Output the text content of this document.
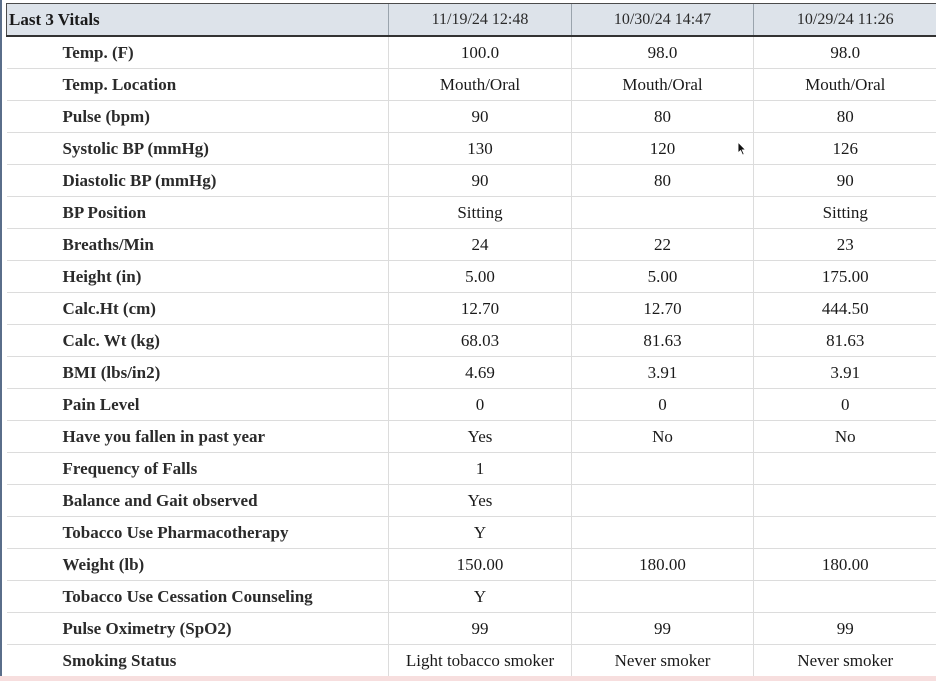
Last 3 Vitals	11/19/24 12:48	10/30/24 14:47	10/29/24 11:26
Temp. (F)	100.0	98.0	98.0
Temp. Location	Mouth/Oral	Mouth/Oral	Mouth/Oral
Pulse (bpm)	90	80	80
Systolic BP (mmHg)	130	120	126
Diastolic BP (mmHg)	90	80	90
BP Position	Sitting		Sitting
Breaths/Min	24	22	23
Height (in)	5.00	5.00	175.00
Calc.Ht (cm)	12.70	12.70	444.50
Calc. Wt (kg)	68.03	81.63	81.63
BMI (lbs/in2)	4.69	3.91	3.91
Pain Level	0	0	0
Have you fallen in past year	Yes	No	No
Frequency of Falls	1		
Balance and Gait observed	Yes		
Tobacco Use Pharmacotherapy	Y		
Weight (lb)	150.00	180.00	180.00
Tobacco Use Cessation Counseling	Y		
Pulse Oximetry (SpO2)	99	99	99
Smoking Status	Light tobacco smoker	Never smoker	Never smoker
